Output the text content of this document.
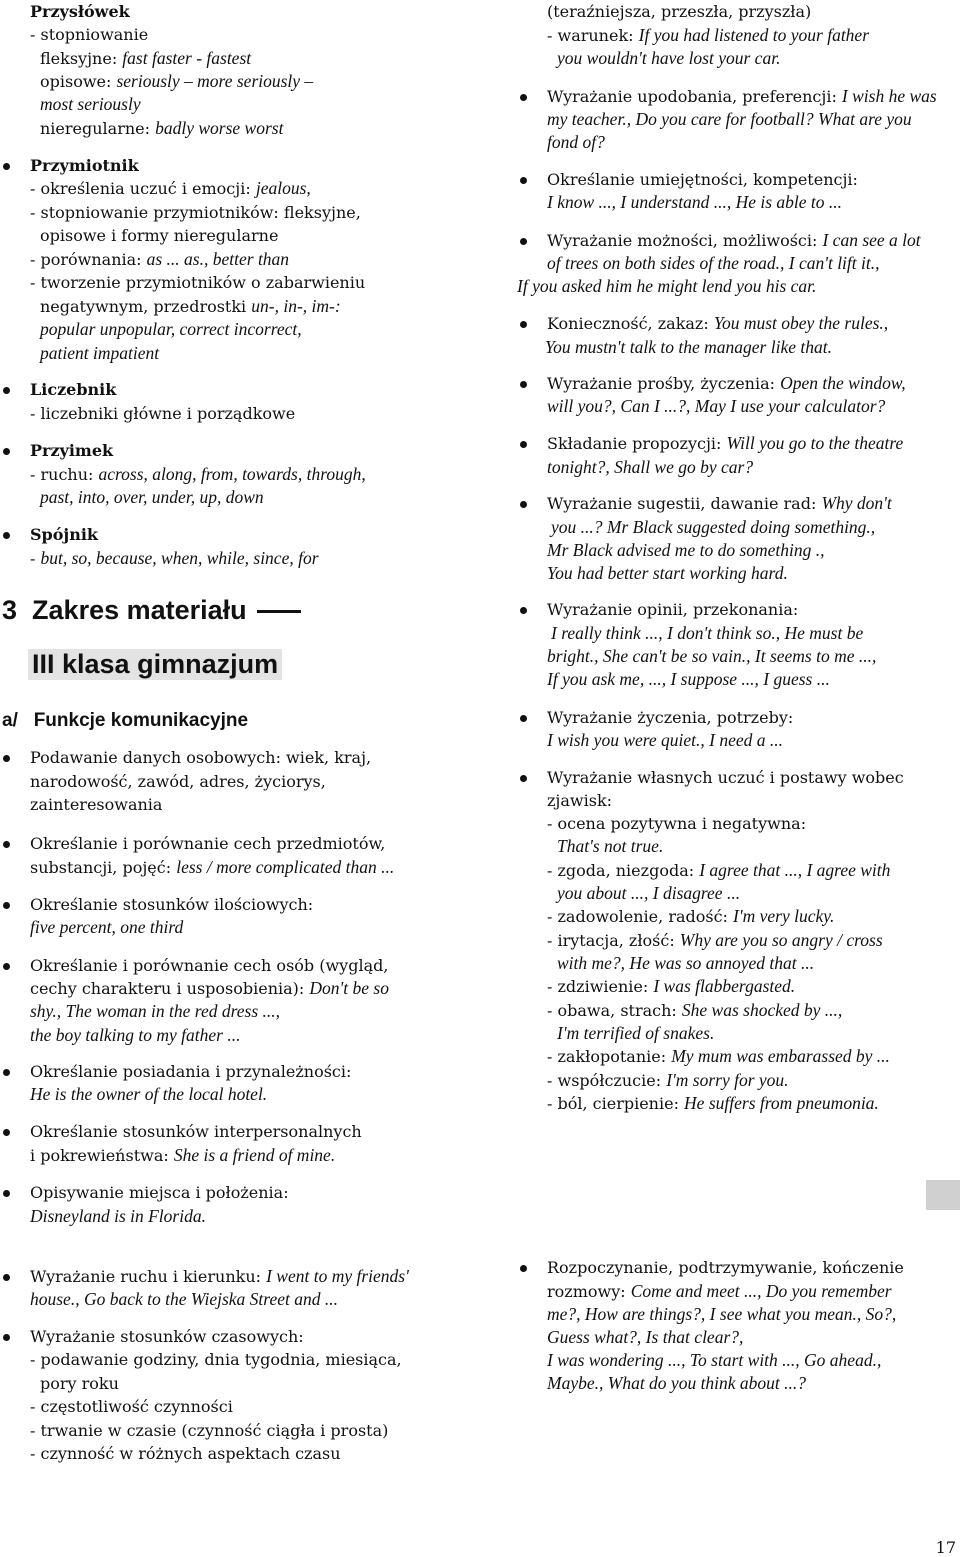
Przysłówek
- stopniowanie
fleksyjne: fast faster - fastest
opisowe: seriously – more seriously –
most seriously
nieregularne: badly worse worst
Przymiotnik
- określenia uczuć i emocji: jealous,
- stopniowanie przymiotników: fleksyjne,
opisowe i formy nieregularne
- porównania: as ... as., better than
- tworzenie przymiotników o zabarwieniu
negatywnym, przedrostki un-, in-, im-:
popular unpopular, correct incorrect,
patient impatient
Liczebnik
- liczebniki główne i porządkowe
Przyimek
- ruchu: across, along, from, towards, through,
past, into, over, under, up, down
Spójnik
- but, so, because, when, while, since, for
Podawanie danych osobowych: wiek, kraj,
narodowość, zawód, adres, życiorys,
zainteresowania
Określanie i porównanie cech przedmiotów,
substancji, pojęć: less / more complicated than ...
Określanie stosunków ilościowych:
five percent, one third
Określanie i porównanie cech osób (wygląd,
cechy charakteru i usposobienia): Don't be so
shy., The woman in the red dress ...,
the boy talking to my father ...
Określanie posiadania i przynależności:
He is the owner of the local hotel.
Określanie stosunków interpersonalnych
i pokrewieństwa: She is a friend of mine.
Opisywanie miejsca i położenia:
Disneyland is in Florida.
Wyrażanie ruchu i kierunku: I went to my friends'
house., Go back to the Wiejska Street and ...
Wyrażanie stosunków czasowych:
- podawanie godziny, dnia tygodnia, miesiąca,
pory roku
- częstotliwość czynności
- trwanie w czasie (czynność ciągła i prosta)
- czynność w różnych aspektach czasu
(teraźniejsza, przeszła, przyszła)
- warunek: If you had listened to your father
you wouldn't have lost your car.
Wyrażanie upodobania, preferencji: I wish he was
my teacher., Do you care for football? What are you
fond of?
Określanie umiejętności, kompetencji:
I know ..., I understand ..., He is able to ...
Wyrażanie możności, możliwości: I can see a lot
of trees on both sides of the road., I can't lift it.,
If you asked him he might lend you his car.
Konieczność, zakaz: You must obey the rules.,
You mustn't talk to the manager like that.
Wyrażanie prośby, życzenia: Open the window,
will you?, Can I ...?, May I use your calculator?
Składanie propozycji: Will you go to the theatre
tonight?, Shall we go by car?
Wyrażanie sugestii, dawanie rad: Why don't
you ...? Mr Black suggested doing something.,
Mr Black advised me to do something .,
You had better start working hard.
Wyrażanie opinii, przekonania:
I really think ..., I don't think so., He must be
bright., She can't be so vain., It seems to me ...,
If you ask me, ..., I suppose ..., I guess ...
Wyrażanie życzenia, potrzeby:
I wish you were quiet., I need a ...
Wyrażanie własnych uczuć i postawy wobec
zjawisk:
- ocena pozytywna i negatywna:
That's not true.
- zgoda, niezgoda: I agree that ..., I agree with
you about ..., I disagree ...
- zadowolenie, radość: I'm very lucky.
- irytacja, złość: Why are you so angry / cross
with me?, He was so annoyed that ...
- zdziwienie: I was flabbergasted.
- obawa, strach: She was shocked by ...,
I'm terrified of snakes.
- zakłopotanie: My mum was embarassed by ...
- współczucie: I'm sorry for you.
- ból, cierpienie: He suffers from pneumonia.
Rozpoczynanie, podtrzymywanie, kończenie
rozmowy: Come and meet ..., Do you remember
me?, How are things?, I see what you mean., So?,
Guess what?, Is that clear?,
I was wondering ..., To start with ..., Go ahead.,
Maybe., What do you think about ...?
3 Zakres materiału
III klasa gimnazjum
a/ Funkcje komunikacyjne
17
